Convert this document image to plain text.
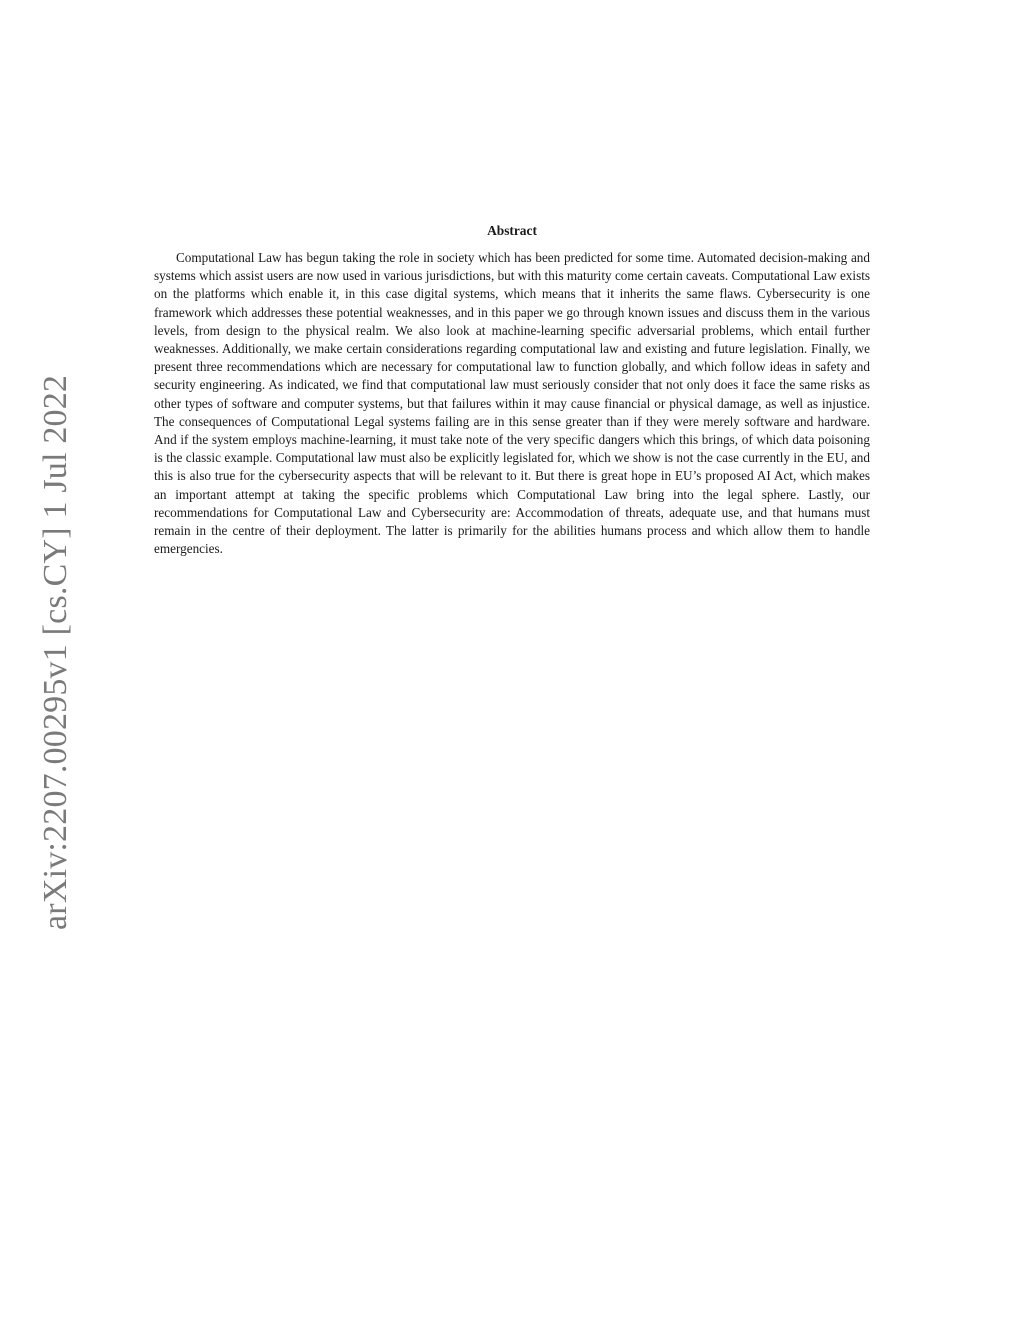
arXiv:2207.00295v1 [cs.CY] 1 Jul 2022
Abstract

Computational Law has begun taking the role in society which has been predicted for some time. Automated decision-making and systems which assist users are now used in various jurisdictions, but with this maturity come certain caveats. Computational Law exists on the platforms which enable it, in this case digital systems, which means that it inherits the same flaws. Cybersecurity is one framework which addresses these potential weaknesses, and in this paper we go through known issues and discuss them in the various levels, from design to the physical realm. We also look at machine-learning specific adversarial problems, which entail further weaknesses. Additionally, we make certain considerations regarding computational law and existing and future legislation. Finally, we present three recommendations which are necessary for computational law to function globally, and which follow ideas in safety and security engineering. As indicated, we find that computational law must seriously consider that not only does it face the same risks as other types of software and computer systems, but that failures within it may cause financial or physical damage, as well as injustice. The consequences of Computational Legal systems failing are in this sense greater than if they were merely software and hardware. And if the system employs machine-learning, it must take note of the very specific dangers which this brings, of which data poisoning is the classic example. Computational law must also be explicitly legislated for, which we show is not the case currently in the EU, and this is also true for the cybersecurity aspects that will be relevant to it. But there is great hope in EU’s proposed AI Act, which makes an important attempt at taking the specific problems which Computational Law bring into the legal sphere. Lastly, our recommendations for Computational Law and Cybersecurity are: Accommodation of threats, adequate use, and that humans must remain in the centre of their deployment. The latter is primarily for the abilities humans process and which allow them to handle emergencies.
